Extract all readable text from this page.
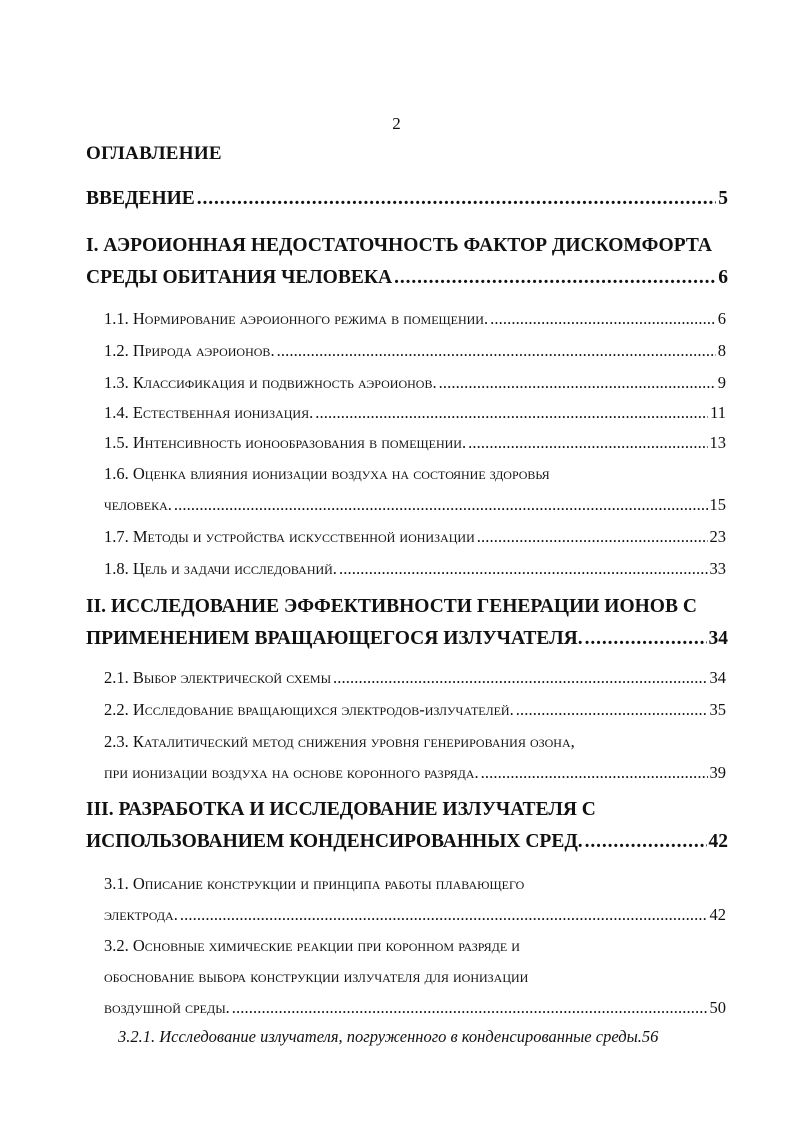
2
ОГЛАВЛЕНИЕ
ВВЕДЕНИЕ . . .	5
I. АЭРОИОННАЯ НЕДОСТАТОЧНОСТЬ ФАКТОР ДИСКОМФОРТА
СРЕДЫ ОБИТАНИЯ ЧЕЛОВЕКА . . .	6
1.1. Нормирование аэроионного режима в помещении. . . .	6
1.2. Природа аэроионов. . . .	8
1.3. Классификация и подвижность аэроионов. . . .	9
1.4. Естественная ионизация. . . .	11
1.5. Интенсивность ионообразования в помещении. . . .	13
1.6. Оценка влияния ионизации воздуха на состояние здоровья
человека. . . .	15
1.7. Методы и устройства искусственной ионизации . . .	23
1.8. Цель и задачи исследований. . . .	33
II. ИССЛЕДОВАНИЕ ЭФФЕКТИВНОСТИ ГЕНЕРАЦИИ ИОНОВ С
ПРИМЕНЕНИЕМ ВРАЩАЮЩЕГОСЯ ИЗЛУЧАТЕЛЯ. . . .	34
2.1. Выбор электрической схемы . . .	34
2.2. Исследование вращающихся электродов-излучателей. . . .	35
2.3. Каталитический метод снижения уровня генерирования озона,
при ионизации воздуха на основе коронного разряда. . . .	39
III. РАЗРАБОТКА И ИССЛЕДОВАНИЕ ИЗЛУЧАТЕЛЯ С
ИСПОЛЬЗОВАНИЕМ КОНДЕНСИРОВАННЫХ СРЕД. . . .	42
3.1. Описание конструкции и принципа работы плавающего
электрода. . . .	42
3.2. Основные химические реакции при коронном разряде и
обоснование выбора конструкции излучателя для ионизации
воздушной среды. . . .	50
3.2.1. Исследование излучателя, погруженного в конденсированные среды.56
